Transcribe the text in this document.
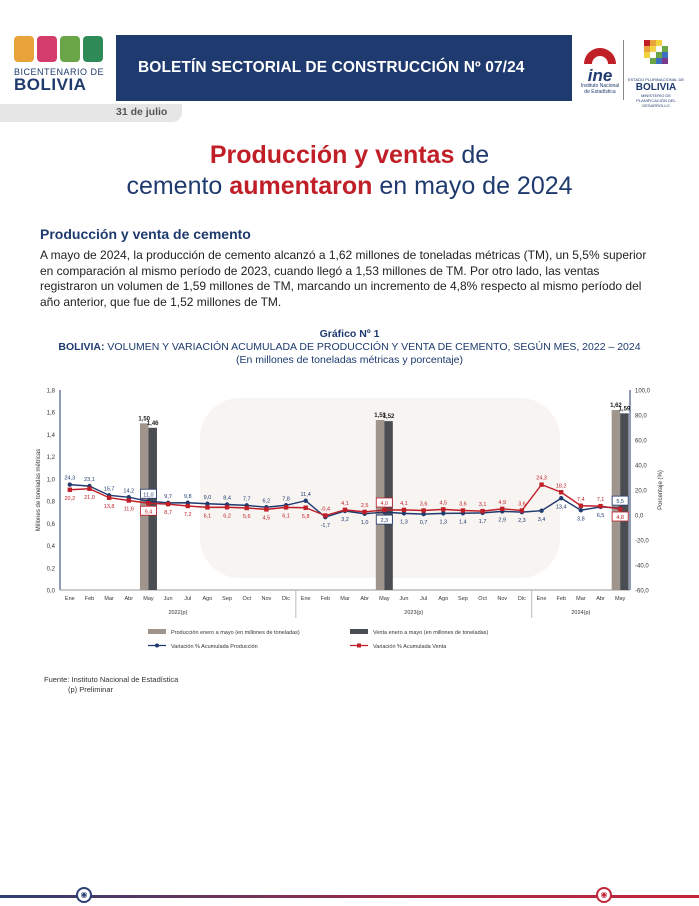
BICENTENARIO DE
BOLIVIA
BOLETÍN SECTORIAL DE CONSTRUCCIÓN Nº 07/24	ine
Instituto Nacional
de Estadística
ESTADO PLURINACIONAL DE
BOLIVIA
MINISTERIO DE PLANIFICACIÓN DEL DESARROLLO
31 de julio
Producción y ventas de
cemento aumentaron en mayo de 2024
Producción y venta de cemento
A mayo de 2024, la producción de cemento alcanzó a 1,62 millones de toneladas métricas (TM), un 5,5% superior en comparación al mismo período de 2023, cuando llegó a 1,53 millones de TM. Por otro lado, las ventas registraron un volumen de 1,59 millones de TM, marcando un incremento de 4,8% respecto al mismo período del año anterior, que fue de 1,52 millones de TM.
Gráfico Nº 1
BOLIVIA: VOLUMEN Y VARIACIÓN ACUMULADA DE PRODUCCIÓN Y VENTA DE CEMENTO, SEGÚN MES, 2022 – 2024
(En millones de toneladas métricas y porcentaje)
0,0
0,2
0,4
0,6
0,8
1,0
1,2
1,4
1,6
1,8
-60,0
-40,0
-20,0
0,0
20,0
40,0
60,0
80,0
100,0
Millones de toneladas métricas	Porcentaje (%)
1,50
1,53
1,62
1,46
1,52
1,59
24,3 23,1
15,7 14,2
11,0 9,7 9,8 9,0 8,4 7,7 6,2 7,8
11,4
-1,7
3,2 1,0 2,3 1,3 0,7 1,3 1,4 1,7 2,9 2,3 3,4
13,4
3,8
6,5
5,5
20,2 21,0
13,8 11,6 9,4 8,7 7,2 6,1 6,2 5,6 4,5 6,1 5,8
-0,4
4,1 2,5 4,0 4,1 3,6 4,5 3,6 3,1 4,9 3,6
24,3
18,2
7,4 7,1
4,8
Ene Feb Mar Abr May Jun Jul Ago Sep Oct Nov Dic Ene Feb Mar Abr May Jun Jul Ago Sep Oct Nov Dic Ene Feb Mar Abr May
2022(p)	2023(p)	2024(p)
Producción enero a mayo (en millones de toneladas)	Venta enero a mayo (en millones de toneladas)
Variación % Acumulada Producción	Variación % Acumulada Venta
Fuente: Instituto Nacional de Estadística
(p) Preliminar
◉	◉
